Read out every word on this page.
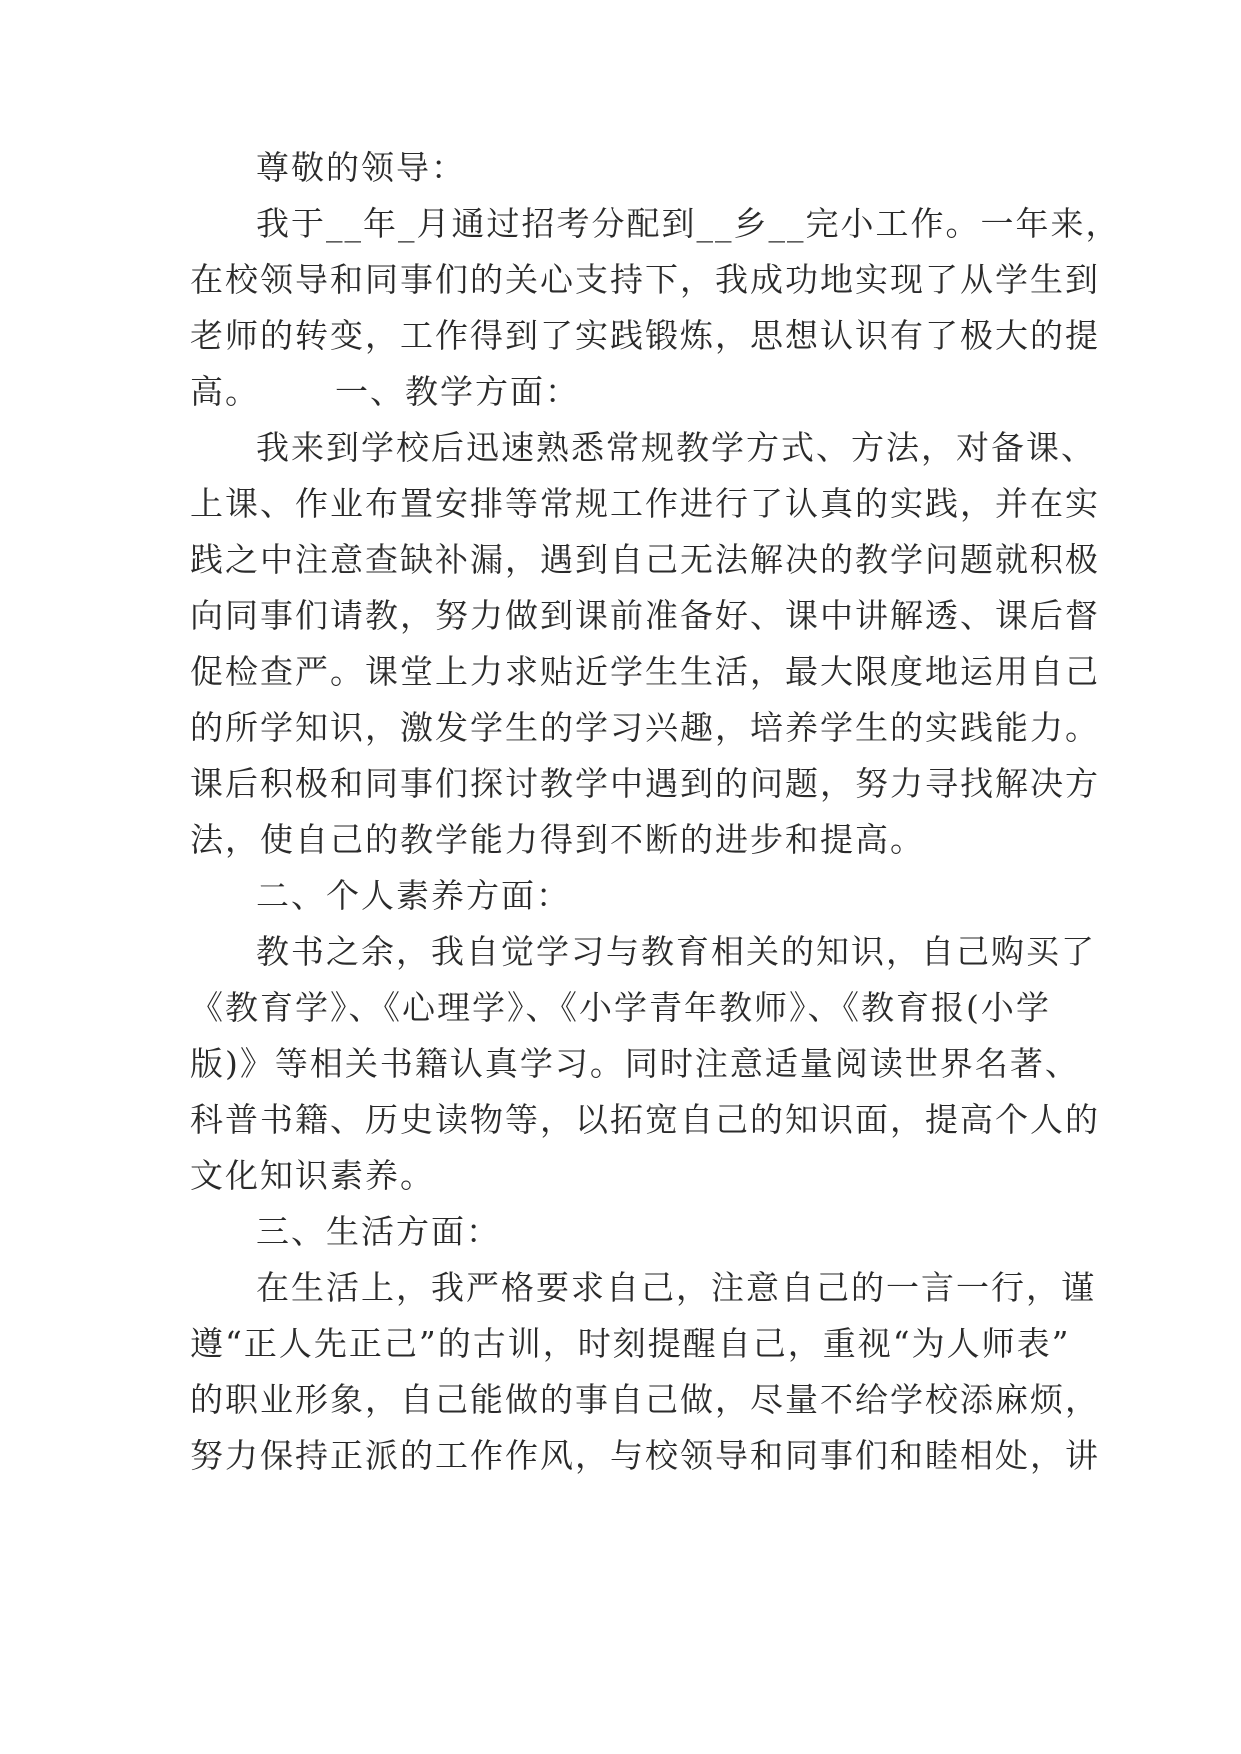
尊敬的领导：
我于__年_月通过招考分配到__乡__完小工作。一年来，
在校领导和同事们的关心支持下，我成功地实现了从学生到
老师的转变，工作得到了实践锻炼，思想认识有了极大的提
高。      一、教学方面：
我来到学校后迅速熟悉常规教学方式、方法，对备课、
上课、作业布置安排等常规工作进行了认真的实践，并在实
践之中注意查缺补漏，遇到自己无法解决的教学问题就积极
向同事们请教，努力做到课前准备好、课中讲解透、课后督
促检查严。课堂上力求贴近学生生活，最大限度地运用自己
的所学知识，激发学生的学习兴趣，培养学生的实践能力。
课后积极和同事们探讨教学中遇到的问题，努力寻找解决方
法，使自己的教学能力得到不断的进步和提高。
二、个人素养方面：
教书之余，我自觉学习与教育相关的知识，自己购买了
《教育学》、《心理学》、《小学青年教师》、《教育报(小学
版)》等相关书籍认真学习。同时注意适量阅读世界名著、
科普书籍、历史读物等，以拓宽自己的知识面，提高个人的
文化知识素养。
三、生活方面：
在生活上，我严格要求自己，注意自己的一言一行，谨
遵“正人先正己”的古训，时刻提醒自己，重视“为人师表”
的职业形象，自己能做的事自己做，尽量不给学校添麻烦，
努力保持正派的工作作风，与校领导和同事们和睦相处，讲
